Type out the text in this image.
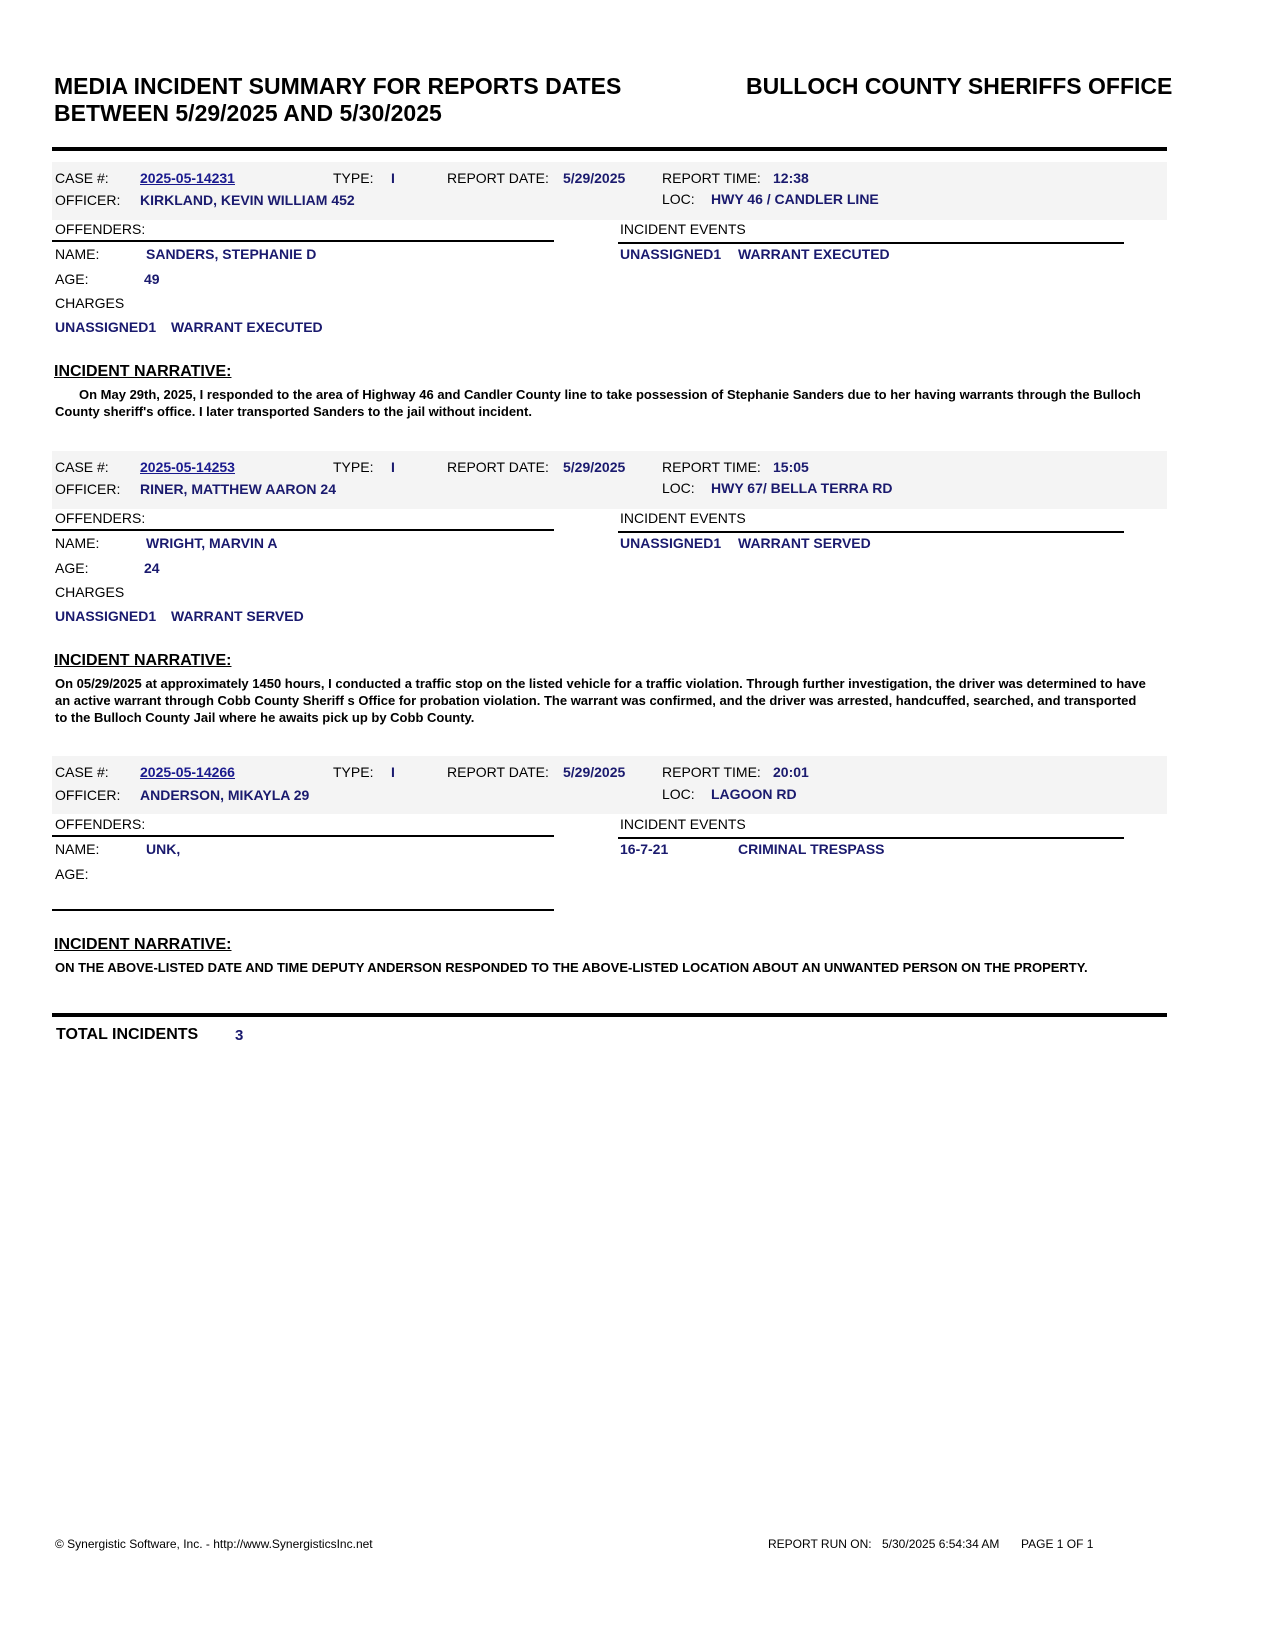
MEDIA INCIDENT SUMMARY FOR REPORTS DATES
BETWEEN 5/29/2025 AND 5/30/2025
BULLOCH COUNTY SHERIFFS OFFICE
CASE #: 2025-05-14231	TYPE: I	REPORT DATE: 5/29/2025	REPORT TIME: 12:38
OFFICER: KIRKLAND, KEVIN WILLIAM 452	LOC: HWY 46 / CANDLER LINE
OFFENDERS:	INCIDENT EVENTS
NAME:	SANDERS, STEPHANIE D	UNASSIGNED1 WARRANT EXECUTED
AGE:	49
CHARGES
UNASSIGNED1 WARRANT EXECUTED
INCIDENT NARRATIVE:
On May 29th, 2025, I responded to the area of Highway 46 and Candler County line to take possession of Stephanie Sanders due to her having warrants through the Bulloch County sheriff's office. I later transported Sanders to the jail without incident.
CASE #: 2025-05-14253	TYPE: I	REPORT DATE: 5/29/2025	REPORT TIME: 15:05
OFFICER: RINER, MATTHEW AARON 24	LOC: HWY 67/ BELLA TERRA RD
OFFENDERS:	INCIDENT EVENTS
NAME:	WRIGHT, MARVIN A	UNASSIGNED1 WARRANT SERVED
AGE:	24
CHARGES
UNASSIGNED1 WARRANT SERVED
INCIDENT NARRATIVE:
On 05/29/2025 at approximately 1450 hours, I conducted a traffic stop on the listed vehicle for a traffic violation. Through further investigation, the driver was determined to have an active warrant through Cobb County Sheriff s Office for probation violation. The warrant was confirmed, and the driver was arrested, handcuffed, searched, and transported to the Bulloch County Jail where he awaits pick up by Cobb County.
CASE #: 2025-05-14266	TYPE: I	REPORT DATE: 5/29/2025	REPORT TIME: 20:01
OFFICER: ANDERSON, MIKAYLA 29	LOC: LAGOON RD
OFFENDERS:	INCIDENT EVENTS
NAME:	UNK,	16-7-21	CRIMINAL TRESPASS
AGE:
INCIDENT NARRATIVE:
ON THE ABOVE-LISTED DATE AND TIME DEPUTY ANDERSON RESPONDED TO THE ABOVE-LISTED LOCATION ABOUT AN UNWANTED PERSON ON THE PROPERTY.
TOTAL INCIDENTS 3
© Synergistic Software, Inc. - http://www.SynergisticsInc.net	REPORT RUN ON: 5/30/2025 6:54:34 AM PAGE 1 OF 1
